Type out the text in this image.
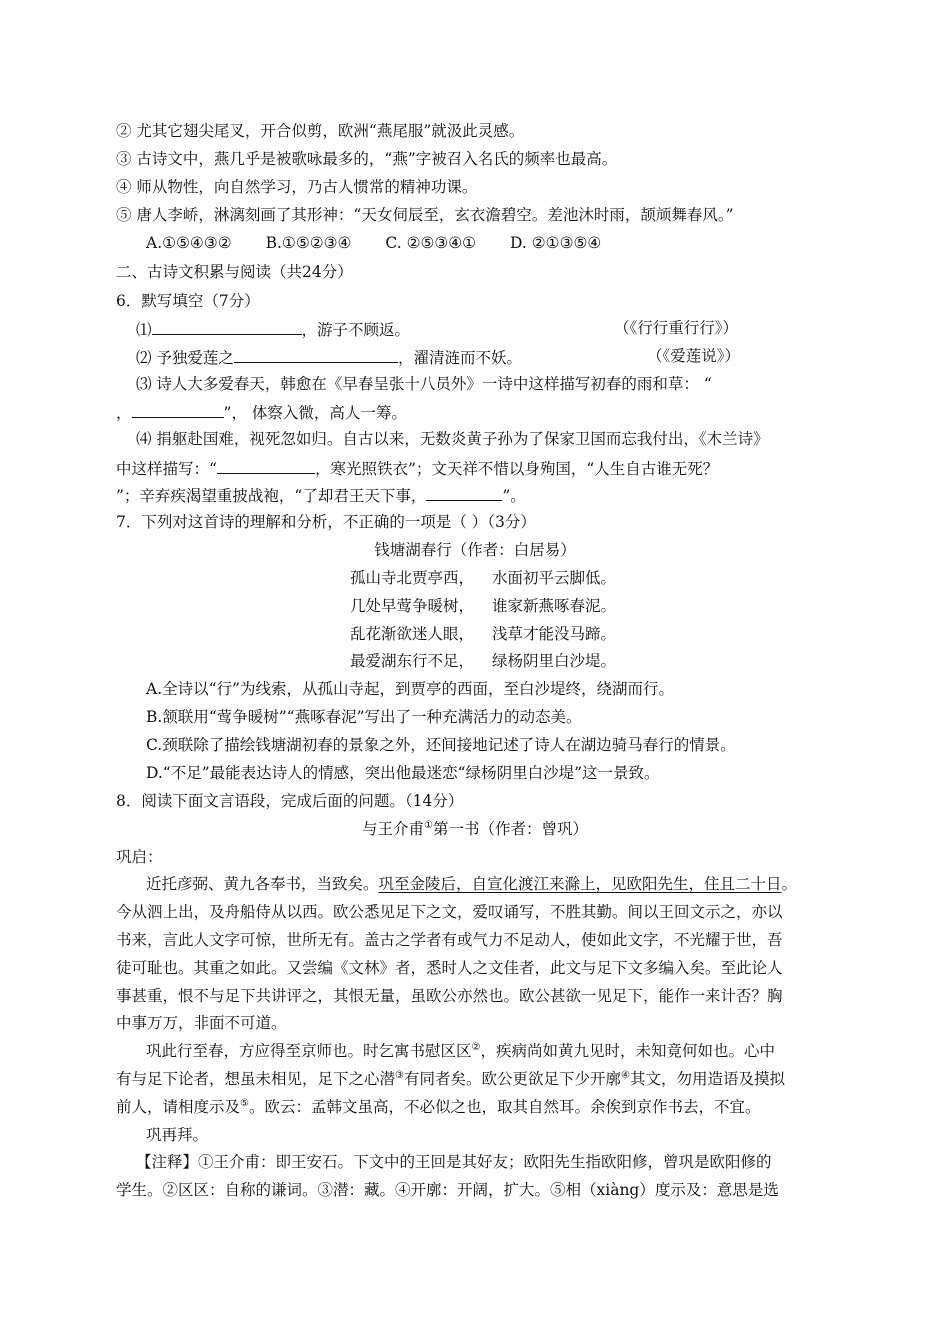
② 尤其它翅尖尾叉，开合似剪，欧洲“燕尾服”就汲此灵感。
③ 古诗文中，燕几乎是被歌咏最多的，“燕”字被召入名氏的频率也最高。
④ 师从物性，向自然学习，乃古人惯常的精神功课。
⑤ 唐人李峤，淋漓刻画了其形神：“天女伺辰至，玄衣澹碧空。差池沐时雨，颉颃舞春风。”
A.①⑤④③② B.①⑤②③④ C. ②⑤③④① D. ②①③⑤④
二、古诗文积累与阅读（共24分）
6．默写填空（7分）
⑴	，游子不顾返。	（《行行重行行》）
⑵ 予独爱莲之	，濯清涟而不妖。	（《爱莲说》）
⑶ 诗人大多爱春天，韩愈在《早春呈张十八员外》一诗中这样描写初春的雨和草： “
，	”， 体察入微，高人一筹。
⑷ 捐躯赴国难，视死忽如归。自古以来，无数炎黄子孙为了保家卫国而忘我付出，《木兰诗》
中这样描写：“	，寒光照铁衣”；文天祥不惜以身殉国，“人生自古谁无死？
”；辛弃疾渴望重披战袍，“了却君王天下事，	”。
7．下列对这首诗的理解和分析，不正确的一项是（ ）（3分）
钱塘湖春行（作者：白居易）
孤山寺北贾亭西， 水面初平云脚低。
几处早莺争暖树， 谁家新燕啄春泥。
乱花渐欲迷人眼， 浅草才能没马蹄。
最爱湖东行不足， 绿杨阴里白沙堤。
A.全诗以“行”为线索，从孤山寺起，到贾亭的西面，至白沙堤终，绕湖而行。
B.颔联用“莺争暖树”“燕啄春泥”写出了一种充满活力的动态美。
C.颈联除了描绘钱塘湖初春的景象之外，还间接地记述了诗人在湖边骑马春行的情景。
D.“不足”最能表达诗人的情感，突出他最迷恋“绿杨阴里白沙堤”这一景致。
8．阅读下面文言语段，完成后面的问题。（14分）
与王介甫①第一书（作者：曾巩）
巩启：
近托彦弼、黄九各奉书，当致矣。巩至金陵后，自宣化渡江来滁上，见欧阳先生，住且二十日。
今从泗上出，及舟船侍从以西。欧公悉见足下之文，爱叹诵写，不胜其勤。间以王回文示之，亦以
书来，言此人文字可惊，世所无有。盖古之学者有或气力不足动人，使如此文字，不光耀于世，吾
徒可耻也。其重之如此。又尝编《文林》者，悉时人之文佳者，此文与足下文多编入矣。至此论人
事甚重，恨不与足下共讲评之，其恨无量，虽欧公亦然也。欧公甚欲一见足下，能作一来计否？胸
中事万万，非面不可道。
巩此行至春，方应得至京师也。时乞寓书慰区区②，疾病尚如黄九见时，未知竟何如也。心中
有与足下论者，想虽未相见，足下之心潜③有同者矣。欧公更欲足下少开廓④其文，勿用造语及摸拟
前人，请相度示及⑤。欧云：孟韩文虽高，不必似之也，取其自然耳。余俟到京作书去，不宜。
巩再拜。
【注释】①王介甫：即王安石。下文中的王回是其好友；欧阳先生指欧阳修，曾巩是欧阳修的
学生。②区区：自称的谦词。③潜：藏。④开廓：开阔，扩大。⑤相（xiàng）度示及：意思是选
